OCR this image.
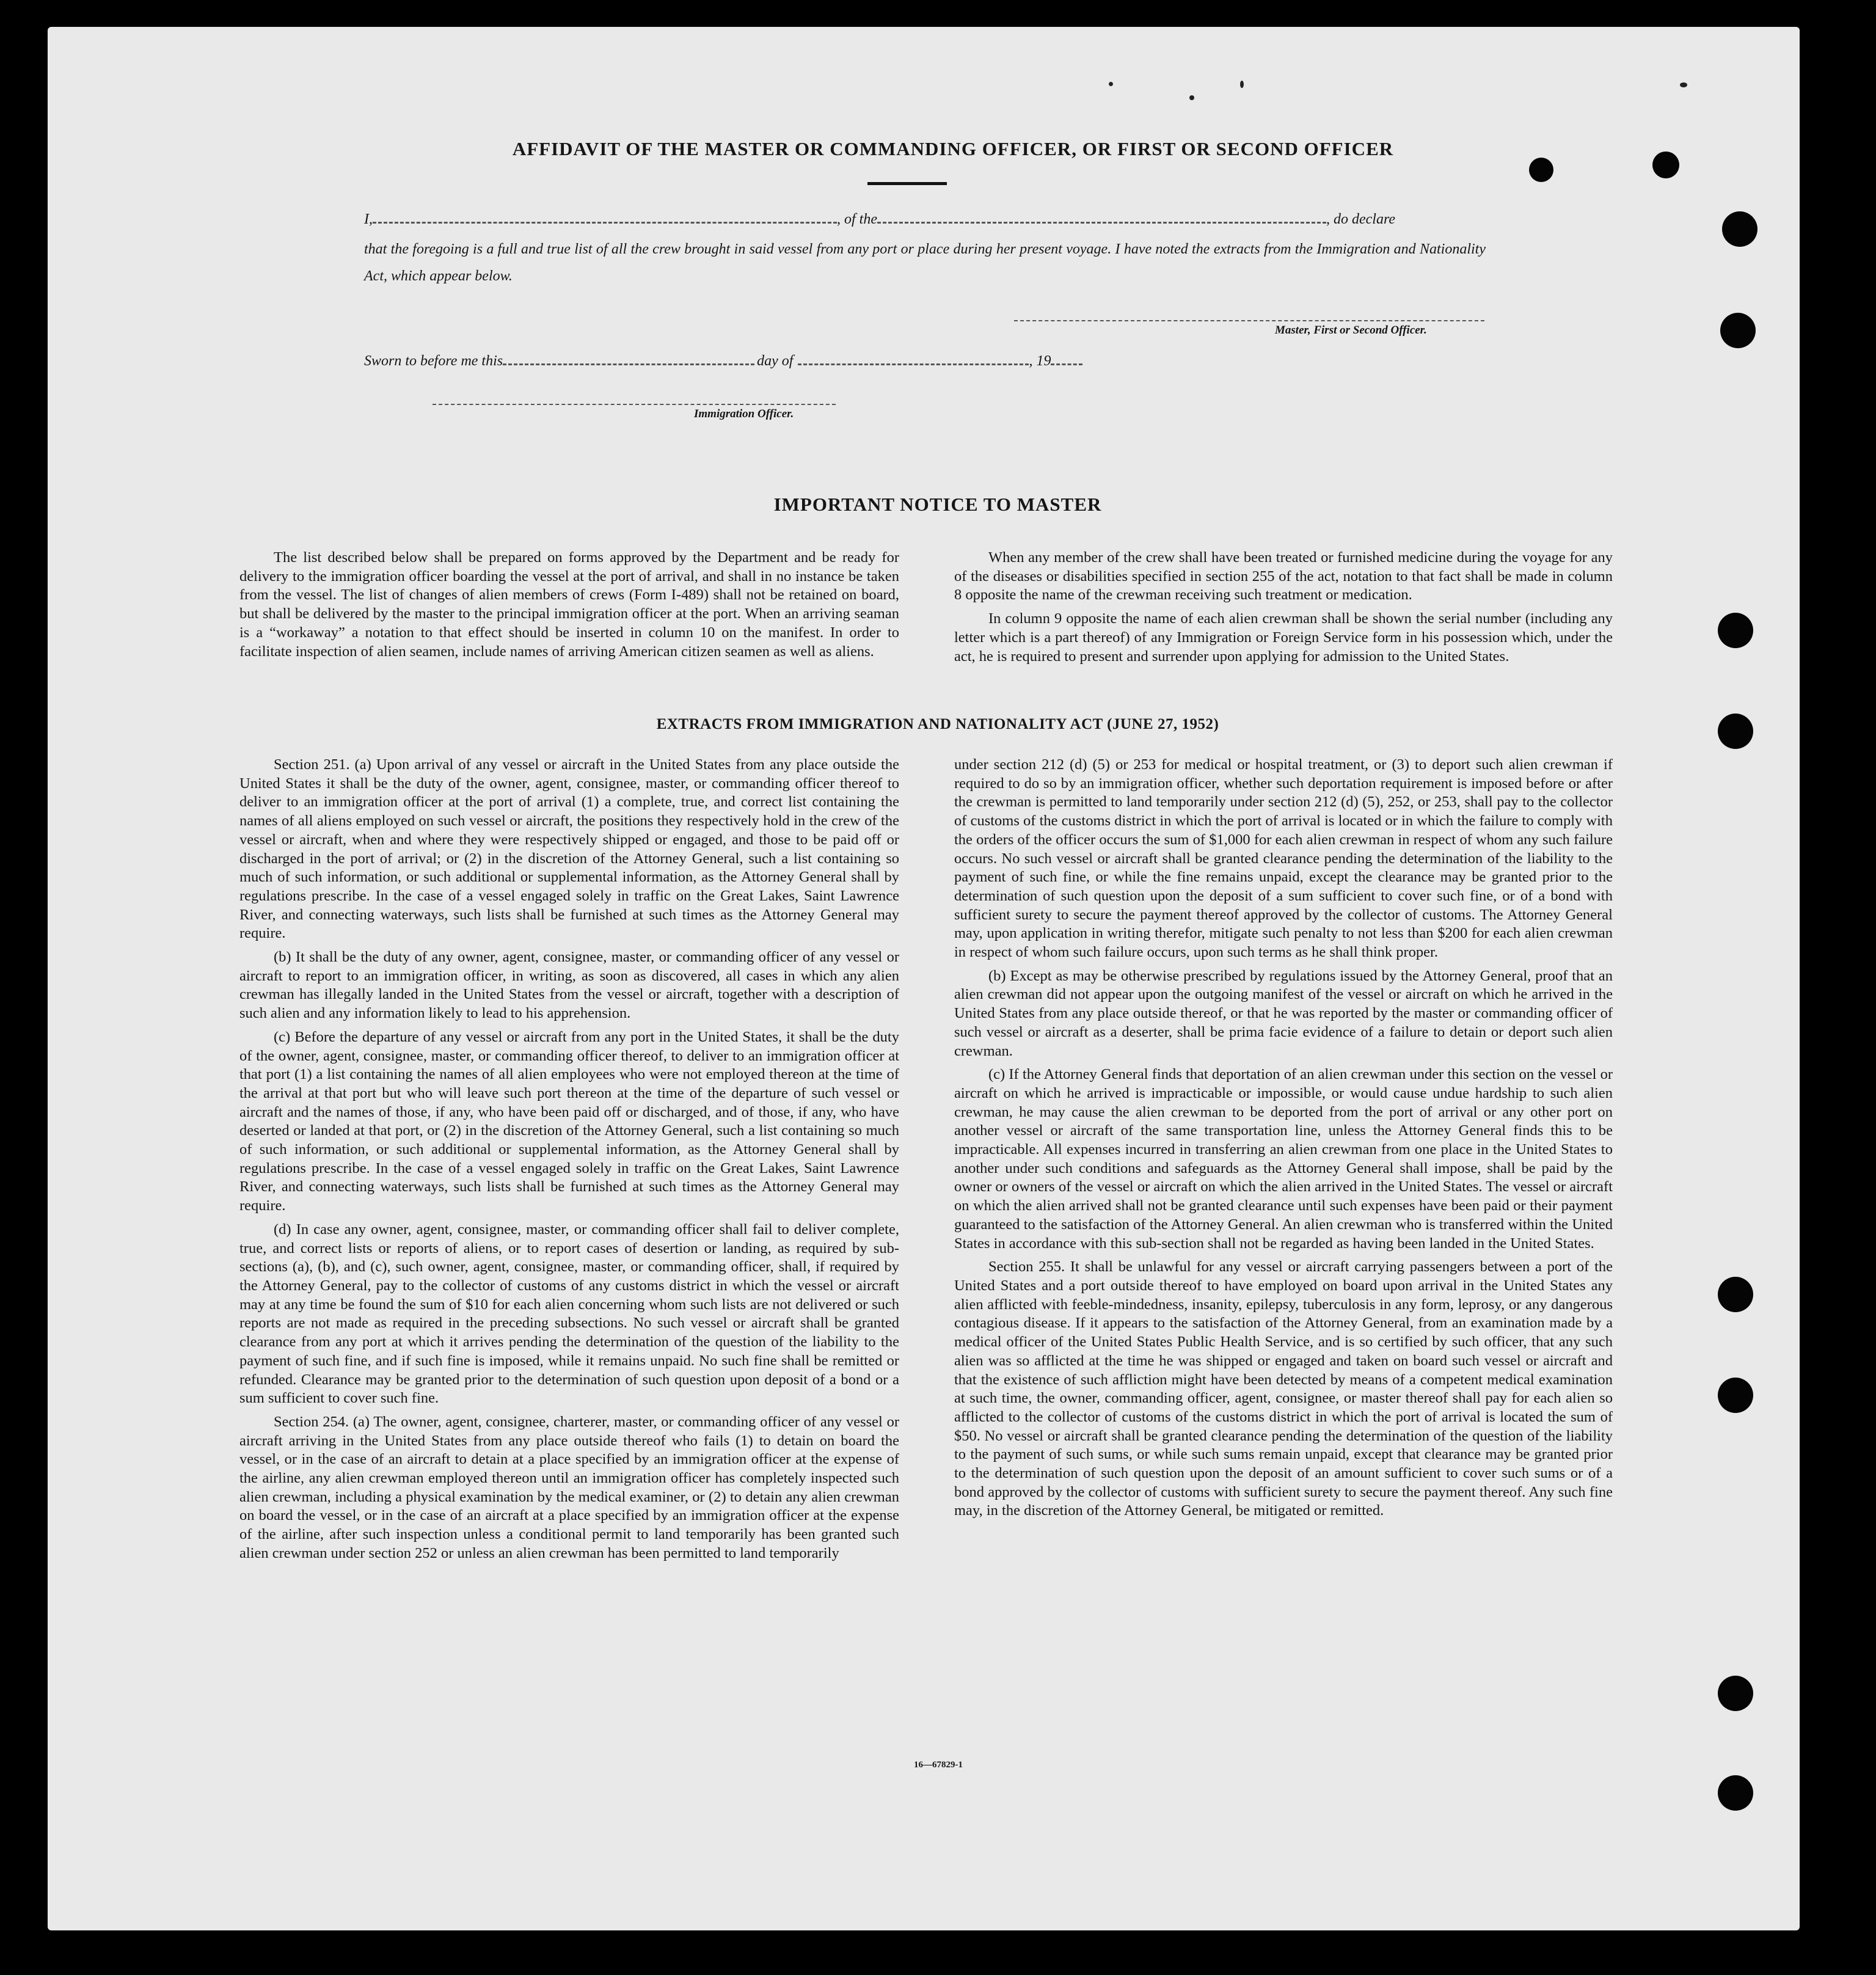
AFFIDAVIT OF THE MASTER OR COMMANDING OFFICER, OR FIRST OR SECOND OFFICER
I,	, of the	, do declare
that the foregoing is a full and true list of all the crew brought in said vessel from any port or place during her present voyage. I have noted the extracts from the Immigration and Nationality Act, which appear below.
Master, First or Second Officer.
Sworn to before me this	day of	, 19
Immigration Officer.
IMPORTANT NOTICE TO MASTER

The list described below shall be prepared on forms approved by the Department and be ready for delivery to the immigration officer boarding the vessel at the port of arrival, and shall in no instance be taken from the vessel. The list of changes of alien members of crews (Form I-489) shall not be retained on board, but shall be delivered by the master to the principal immigration officer at the port. When an arriving seaman is a “workaway” a notation to that effect should be inserted in column 10 on the manifest. In order to facilitate inspection of alien seamen, include names of arriving American citizen seamen as well as aliens.

When any member of the crew shall have been treated or furnished medicine during the voyage for any of the diseases or disabilities specified in section 255 of the act, notation to that fact shall be made in column 8 opposite the name of the crewman receiving such treatment or medication.

In column 9 opposite the name of each alien crewman shall be shown the serial number (including any letter which is a part thereof) of any Immigration or Foreign Service form in his possession which, under the act, he is required to present and surrender upon applying for admission to the United States.

EXTRACTS FROM IMMIGRATION AND NATIONALITY ACT (JUNE 27, 1952)

Section 251. (a) Upon arrival of any vessel or aircraft in the United States from any place outside the United States it shall be the duty of the owner, agent, consignee, master, or commanding officer thereof to deliver to an immigration officer at the port of arrival (1) a complete, true, and correct list containing the names of all aliens employed on such vessel or aircraft, the positions they respectively hold in the crew of the vessel or aircraft, when and where they were respectively shipped or engaged, and those to be paid off or discharged in the port of arrival; or (2) in the discretion of the Attorney General, such a list containing so much of such information, or such additional or supplemental information, as the Attorney General shall by regulations prescribe. In the case of a vessel engaged solely in traffic on the Great Lakes, Saint Lawrence River, and connecting waterways, such lists shall be furnished at such times as the Attorney General may require.

(b) It shall be the duty of any owner, agent, consignee, master, or commanding officer of any vessel or aircraft to report to an immigration officer, in writing, as soon as discovered, all cases in which any alien crewman has illegally landed in the United States from the vessel or aircraft, together with a description of such alien and any information likely to lead to his apprehension.

(c) Before the departure of any vessel or aircraft from any port in the United States, it shall be the duty of the owner, agent, consignee, master, or commanding officer thereof, to deliver to an immigration officer at that port (1) a list containing the names of all alien employees who were not employed thereon at the time of the arrival at that port but who will leave such port thereon at the time of the departure of such vessel or aircraft and the names of those, if any, who have been paid off or discharged, and of those, if any, who have deserted or landed at that port, or (2) in the discretion of the Attorney General, such a list containing so much of such information, or such additional or supplemental information, as the Attorney General shall by regulations prescribe. In the case of a vessel engaged solely in traffic on the Great Lakes, Saint Lawrence River, and connecting waterways, such lists shall be furnished at such times as the Attorney General may require.

(d) In case any owner, agent, consignee, master, or commanding officer shall fail to deliver complete, true, and correct lists or reports of aliens, or to report cases of desertion or landing, as required by sub-sections (a), (b), and (c), such owner, agent, consignee, master, or commanding officer, shall, if required by the Attorney General, pay to the collector of customs of any customs district in which the vessel or aircraft may at any time be found the sum of $10 for each alien concerning whom such lists are not delivered or such reports are not made as required in the preceding subsections. No such vessel or aircraft shall be granted clearance from any port at which it arrives pending the determination of the question of the liability to the payment of such fine, and if such fine is imposed, while it remains unpaid. No such fine shall be remitted or refunded. Clearance may be granted prior to the determination of such question upon deposit of a bond or a sum sufficient to cover such fine.

Section 254. (a) The owner, agent, consignee, charterer, master, or commanding officer of any vessel or aircraft arriving in the United States from any place outside thereof who fails (1) to detain on board the vessel, or in the case of an aircraft to detain at a place specified by an immigration officer at the expense of the airline, any alien crewman employed thereon until an immigration officer has completely inspected such alien crewman, including a physical examination by the medical examiner, or (2) to detain any alien crewman on board the vessel, or in the case of an aircraft at a place specified by an immigration officer at the expense of the airline, after such inspection unless a conditional permit to land temporarily has been granted such alien crewman under section 252 or unless an alien crewman has been permitted to land temporarily

under section 212 (d) (5) or 253 for medical or hospital treatment, or (3) to deport such alien crewman if required to do so by an immigration officer, whether such deportation requirement is imposed before or after the crewman is permitted to land temporarily under section 212 (d) (5), 252, or 253, shall pay to the collector of customs of the customs district in which the port of arrival is located or in which the failure to comply with the orders of the officer occurs the sum of $1,000 for each alien crewman in respect of whom any such failure occurs. No such vessel or aircraft shall be granted clearance pending the determination of the liability to the payment of such fine, or while the fine remains unpaid, except the clearance may be granted prior to the determination of such question upon the deposit of a sum sufficient to cover such fine, or of a bond with sufficient surety to secure the payment thereof approved by the collector of customs. The Attorney General may, upon application in writing therefor, mitigate such penalty to not less than $200 for each alien crewman in respect of whom such failure occurs, upon such terms as he shall think proper.

(b) Except as may be otherwise prescribed by regulations issued by the Attorney General, proof that an alien crewman did not appear upon the outgoing manifest of the vessel or aircraft on which he arrived in the United States from any place outside thereof, or that he was reported by the master or commanding officer of such vessel or aircraft as a deserter, shall be prima facie evidence of a failure to detain or deport such alien crewman.

(c) If the Attorney General finds that deportation of an alien crewman under this section on the vessel or aircraft on which he arrived is impracticable or impossible, or would cause undue hardship to such alien crewman, he may cause the alien crewman to be deported from the port of arrival or any other port on another vessel or aircraft of the same transportation line, unless the Attorney General finds this to be impracticable. All expenses incurred in transferring an alien crewman from one place in the United States to another under such conditions and safeguards as the Attorney General shall impose, shall be paid by the owner or owners of the vessel or aircraft on which the alien arrived in the United States. The vessel or aircraft on which the alien arrived shall not be granted clearance until such expenses have been paid or their payment guaranteed to the satisfaction of the Attorney General. An alien crewman who is transferred within the United States in accordance with this sub-section shall not be regarded as having been landed in the United States.

Section 255. It shall be unlawful for any vessel or aircraft carrying passengers between a port of the United States and a port outside thereof to have employed on board upon arrival in the United States any alien afflicted with feeble-mindedness, insanity, epilepsy, tuberculosis in any form, leprosy, or any dangerous contagious disease. If it appears to the satisfaction of the Attorney General, from an examination made by a medical officer of the United States Public Health Service, and is so certified by such officer, that any such alien was so afflicted at the time he was shipped or engaged and taken on board such vessel or aircraft and that the existence of such affliction might have been detected by means of a competent medical examination at such time, the owner, commanding officer, agent, consignee, or master thereof shall pay for each alien so afflicted to the collector of customs of the customs district in which the port of arrival is located the sum of $50. No vessel or aircraft shall be granted clearance pending the determination of the question of the liability to the payment of such sums, or while such sums remain unpaid, except that clearance may be granted prior to the determination of such question upon the deposit of an amount sufficient to cover such sums or of a bond approved by the collector of customs with sufficient surety to secure the payment thereof. Any such fine may, in the discretion of the Attorney General, be mitigated or remitted.

16—67829-1
